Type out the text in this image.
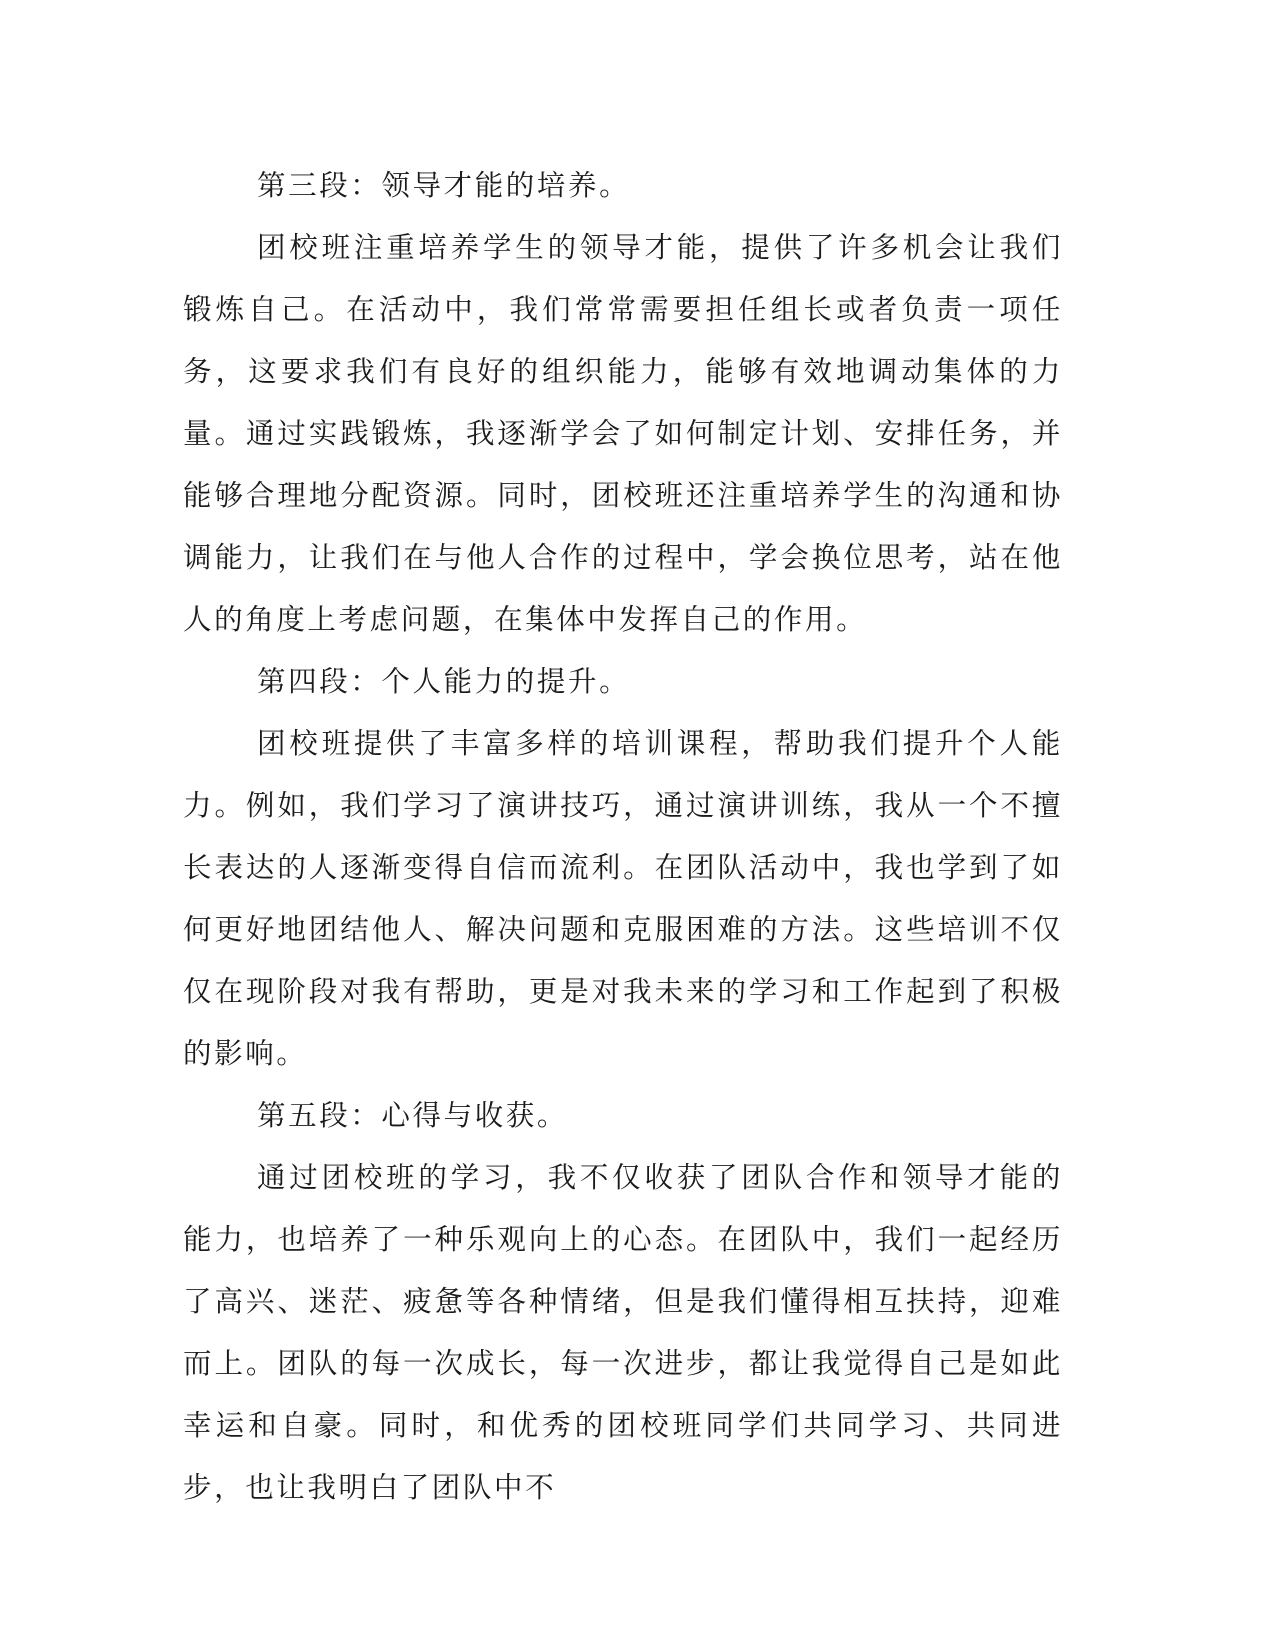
第三段：领导才能的培养。

团校班注重培养学生的领导才能，提供了许多机会让我们锻炼自己。在活动中，我们常常需要担任组长或者负责一项任务，这要求我们有良好的组织能力，能够有效地调动集体的力量。通过实践锻炼，我逐渐学会了如何制定计划、安排任务，并能够合理地分配资源。同时，团校班还注重培养学生的沟通和协调能力，让我们在与他人合作的过程中，学会换位思考，站在他人的角度上考虑问题，在集体中发挥自己的作用。

第四段：个人能力的提升。

团校班提供了丰富多样的培训课程，帮助我们提升个人能力。例如，我们学习了演讲技巧，通过演讲训练，我从一个不擅长表达的人逐渐变得自信而流利。在团队活动中，我也学到了如何更好地团结他人、解决问题和克服困难的方法。这些培训不仅仅在现阶段对我有帮助，更是对我未来的学习和工作起到了积极的影响。

第五段：心得与收获。

通过团校班的学习，我不仅收获了团队合作和领导才能的能力，也培养了一种乐观向上的心态。在团队中，我们一起经历了高兴、迷茫、疲惫等各种情绪，但是我们懂得相互扶持，迎难而上。团队的每一次成长，每一次进步，都让我觉得自己是如此幸运和自豪。同时，和优秀的团校班同学们共同学习、共同进步，也让我明白了团队中不
